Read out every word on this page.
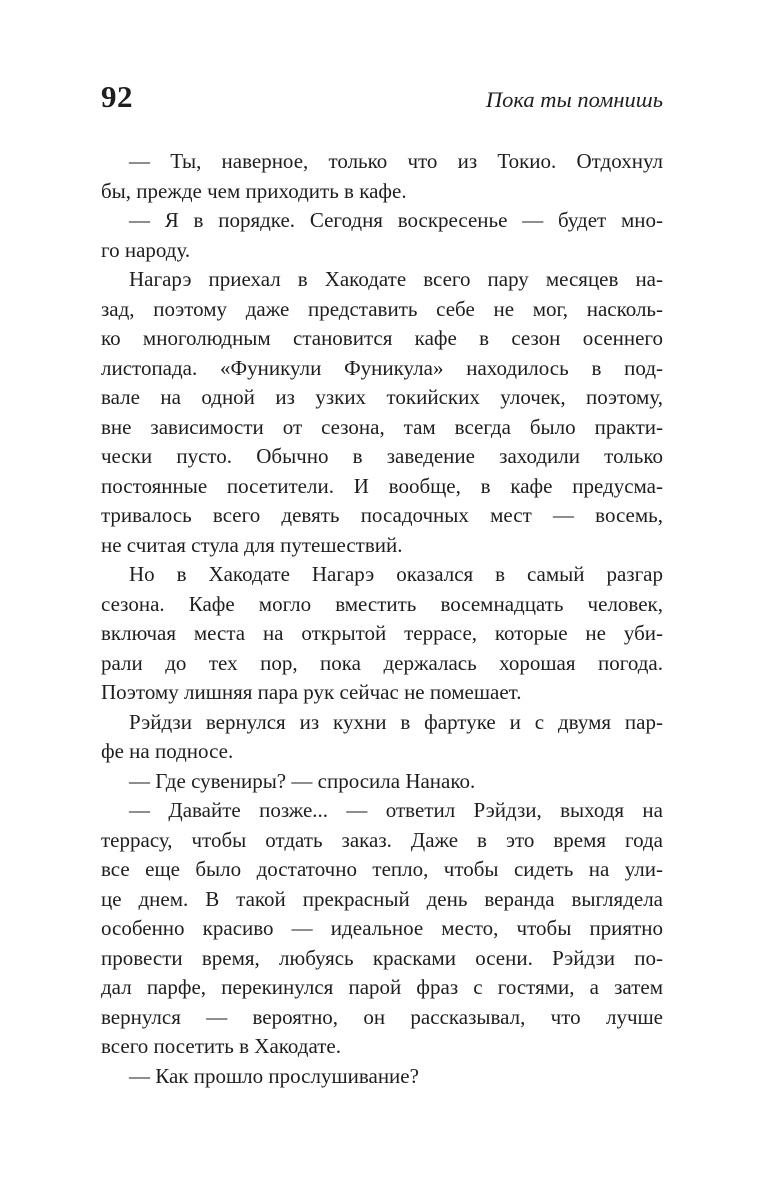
92	Пока ты помнишь
— Ты, наверное, только что из Токио. Отдохнул
бы, прежде чем приходить в кафе.
— Я в порядке. Сегодня воскресенье — будет мно-
го народу.
Нагарэ приехал в Хакодате всего пару месяцев на-
зад, поэтому даже представить себе не мог, насколь-
ко многолюдным становится кафе в сезон осеннего
листопада. «Фуникули Фуникула» находилось в под-
вале на одной из узких токийских улочек, поэтому,
вне зависимости от сезона, там всегда было практи-
чески пусто. Обычно в заведение заходили только
постоянные посетители. И вообще, в кафе предусма-
тривалось всего девять посадочных мест — восемь,
не считая стула для путешествий.
Но в Хакодате Нагарэ оказался в самый разгар
сезона. Кафе могло вместить восемнадцать человек,
включая места на открытой террасе, которые не уби-
рали до тех пор, пока держалась хорошая погода.
Поэтому лишняя пара рук сейчас не помешает.
Рэйдзи вернулся из кухни в фартуке и с двумя пар-
фе на подносе.
— Где сувениры? — спросила Нанако.
— Давайте позже... — ответил Рэйдзи, выходя на
террасу, чтобы отдать заказ. Даже в это время года
все еще было достаточно тепло, чтобы сидеть на ули-
це днем. В такой прекрасный день веранда выглядела
особенно красиво — идеальное место, чтобы приятно
провести время, любуясь красками осени. Рэйдзи по-
дал парфе, перекинулся парой фраз с гостями, а затем
вернулся — вероятно, он рассказывал, что лучше
всего посетить в Хакодате.
— Как прошло прослушивание?
